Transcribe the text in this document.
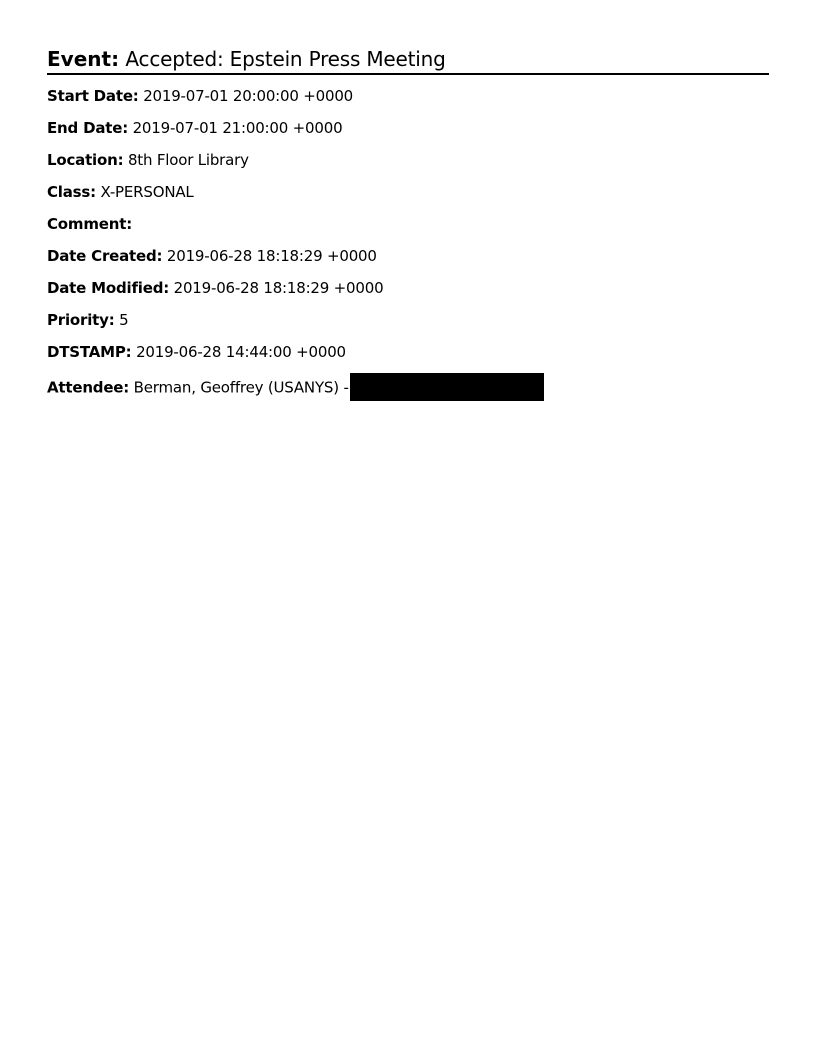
Event: Accepted: Epstein Press Meeting
Start Date: 2019-07-01 20:00:00 +0000
End Date: 2019-07-01 21:00:00 +0000
Location: 8th Floor Library
Class: X-PERSONAL
Comment:
Date Created: 2019-06-28 18:18:29 +0000
Date Modified: 2019-06-28 18:18:29 +0000
Priority: 5
DTSTAMP: 2019-06-28 14:44:00 +0000
Attendee: Berman, Geoffrey (USANYS) -
